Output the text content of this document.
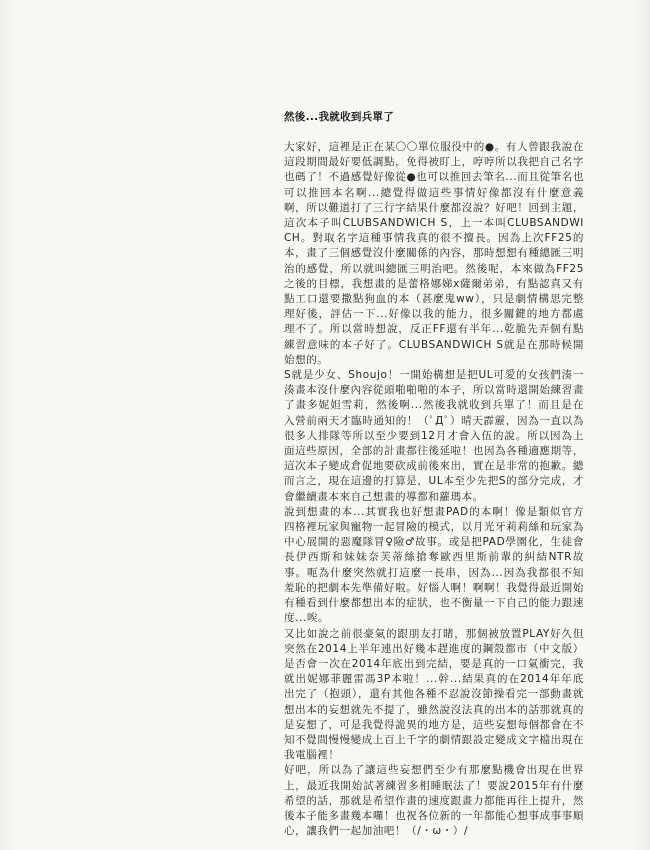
然後...我就收到兵單了

大家好，這裡是正在某〇〇單位服役中的●。有人曾跟我說在這段期間最好要低調點，免得被盯上，哼哼所以我把自己名字也碼了！不過感覺好像從●也可以推回去筆名...而且從筆名也可以推回本名啊...總覺得做這些事情好像都沒有什麼意義啊，所以難道打了三行字結果什麼都沒說？好吧！回到主題，這次本子叫CLUBSANDWICH S，上一本叫CLUBSANDWICH。對取名字這種事情我真的很不擅長。因為上次FF25的本，畫了三個感覺沒什麼關係的內容，那時想想有種總匯三明治的感覺，所以就叫總匯三明治吧。然後呢，本來做為FF25之後的目標，我想畫的是蕾格娜娣x薩爾弟弟，有點認真又有點工口還要撒點狗血的本（甚麼鬼ww），只是劇情構思完整理好後，評估一下...好像以我的能力，很多關鍵的地方都處理不了。所以當時想說，反正FF還有半年...乾脆先弄個有點練習意味的本子好了。CLUBSANDWICH S就是在那時候開始想的。

S就是少女、Shoujo！一開始構想是把UL可愛的女孩們湊一湊畫本沒什麼內容從頭啪啪啪的本子，所以當時還開始練習畫了畫多妮妲雪莉，然後啊...然後我就收到兵單了！而且是在入營前兩天才臨時通知的！（ﾟДﾟ）晴天霹靂，因為一直以為很多人排隊等所以至少要到12月才會入伍的說。所以因為上面這些原因，全部的計畫都往後延啦！也因為各種適應期等，這次本子變成倉促地要砍成前後來出，實在是非常的抱歉。總而言之，現在這邊的打算是，UL本至少先把S的部分完成，才會繼續畫本來自己想畫的導都和蘿瑪本。

說到想畫的本...其實我也好想畫PAD的本啊！像是類似官方四格裡玩家與寵物一起冒險的模式，以月光牙莉莉絲和玩家為中心展開的惡魔隊冒♀險♂故事。或是把PAD學園化，生徒會長伊西斯和妹妹奈芙蒂絲搶奪歐西里斯前輩的糾結NTR故事。呃為什麼突然就打這麼一長串，因為...因為我都很不知羞恥的把劇本先準備好啦。好惱人啊！啊啊！我覺得最近開始有種看到什麼都想出本的症狀，也不衡量一下自己的能力跟速度...唉。

又比如說之前很豪氣的跟朋友打賭，那個被放置PLAY好久但突然在2014上半年連出好幾本趕進度的鋼殼都市（中文版）是否會一次在2014年底出到完結，要是真的一口氣衝完，我就出妮娜菲麗雷馮3P本啦！...幹...結果真的在2014年年底出完了（抱頭），還有其他各種不忍說沒節操看完一部動畫就想出本的妄想就先不提了，雖然說沒法真的出本的話那就真的是妄想了，可是我覺得詭異的地方是，這些妄想每個都會在不知不覺間慢慢變成上百上千字的劇情跟設定變成文字檔出現在我電腦裡！

好吧，所以為了讓這些妄想們至少有那麼點機會出現在世界上，最近我開始試著練習多相睡眠法了！要說2015年有什麼希望的話，那就是希望作畫的速度跟畫力都能再往上提升，然後本子能多畫幾本囉！也祝各位新的一年都能心想事成事事順心，讓我們一起加油吧！（/・ω・）/
